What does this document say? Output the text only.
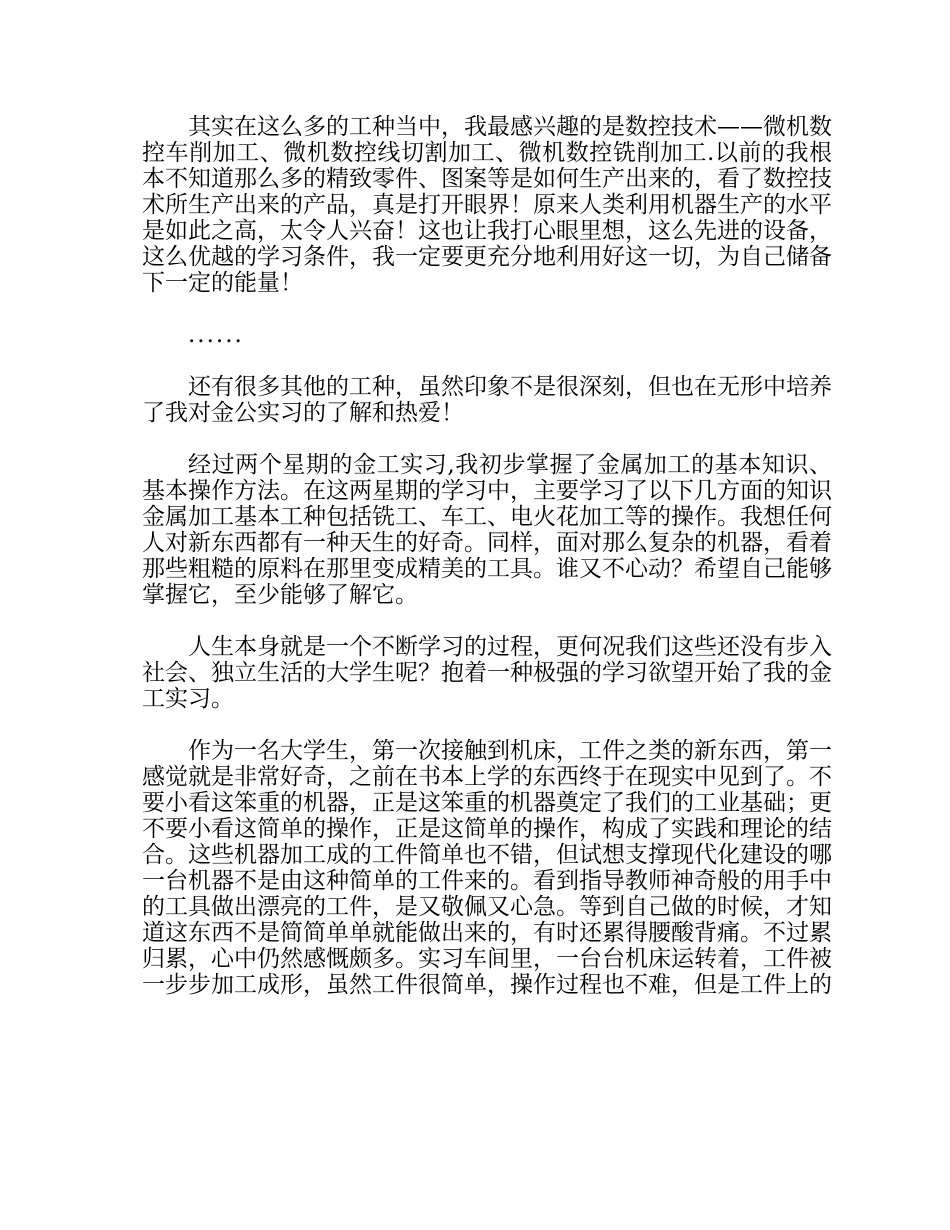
其实在这么多的工种当中，我最感兴趣的是数控技术——微机数控车削加工、微机数控线切割加工、微机数控铣削加工.以前的我根本不知道那么多的精致零件、图案等是如何生产出来的，看了数控技术所生产出来的产品，真是打开眼界！原来人类利用机器生产的水平是如此之高，太令人兴奋！这也让我打心眼里想，这么先进的设备，这么优越的学习条件，我一定要更充分地利用好这一切，为自己储备下一定的能量！

......

还有很多其他的工种，虽然印象不是很深刻，但也在无形中培养了我对金公实习的了解和热爱！

经过两个星期的金工实习,我初步掌握了金属加工的基本知识、基本操作方法。在这两星期的学习中，主要学习了以下几方面的知识金属加工基本工种包括铣工、车工、电火花加工等的操作。我想任何人对新东西都有一种天生的好奇。同样，面对那么复杂的机器，看着那些粗糙的原料在那里变成精美的工具。谁又不心动？希望自己能够掌握它，至少能够了解它。

人生本身就是一个不断学习的过程，更何况我们这些还没有步入社会、独立生活的大学生呢？抱着一种极强的学习欲望开始了我的金工实习。

作为一名大学生，第一次接触到机床，工件之类的新东西，第一感觉就是非常好奇，之前在书本上学的东西终于在现实中见到了。不要小看这笨重的机器，正是这笨重的机器奠定了我们的工业基础；更不要小看这简单的操作，正是这简单的操作，构成了实践和理论的结合。这些机器加工成的工件简单也不错，但试想支撑现代化建设的哪一台机器不是由这种简单的工件来的。看到指导教师神奇般的用手中的工具做出漂亮的工件，是又敬佩又心急。等到自己做的时候，才知道这东西不是简简单单就能做出来的，有时还累得腰酸背痛。不过累归累，心中仍然感慨颇多。实习车间里，一台台机床运转着，工件被一步步加工成形，虽然工件很简单，操作过程也不难，但是工件上的
